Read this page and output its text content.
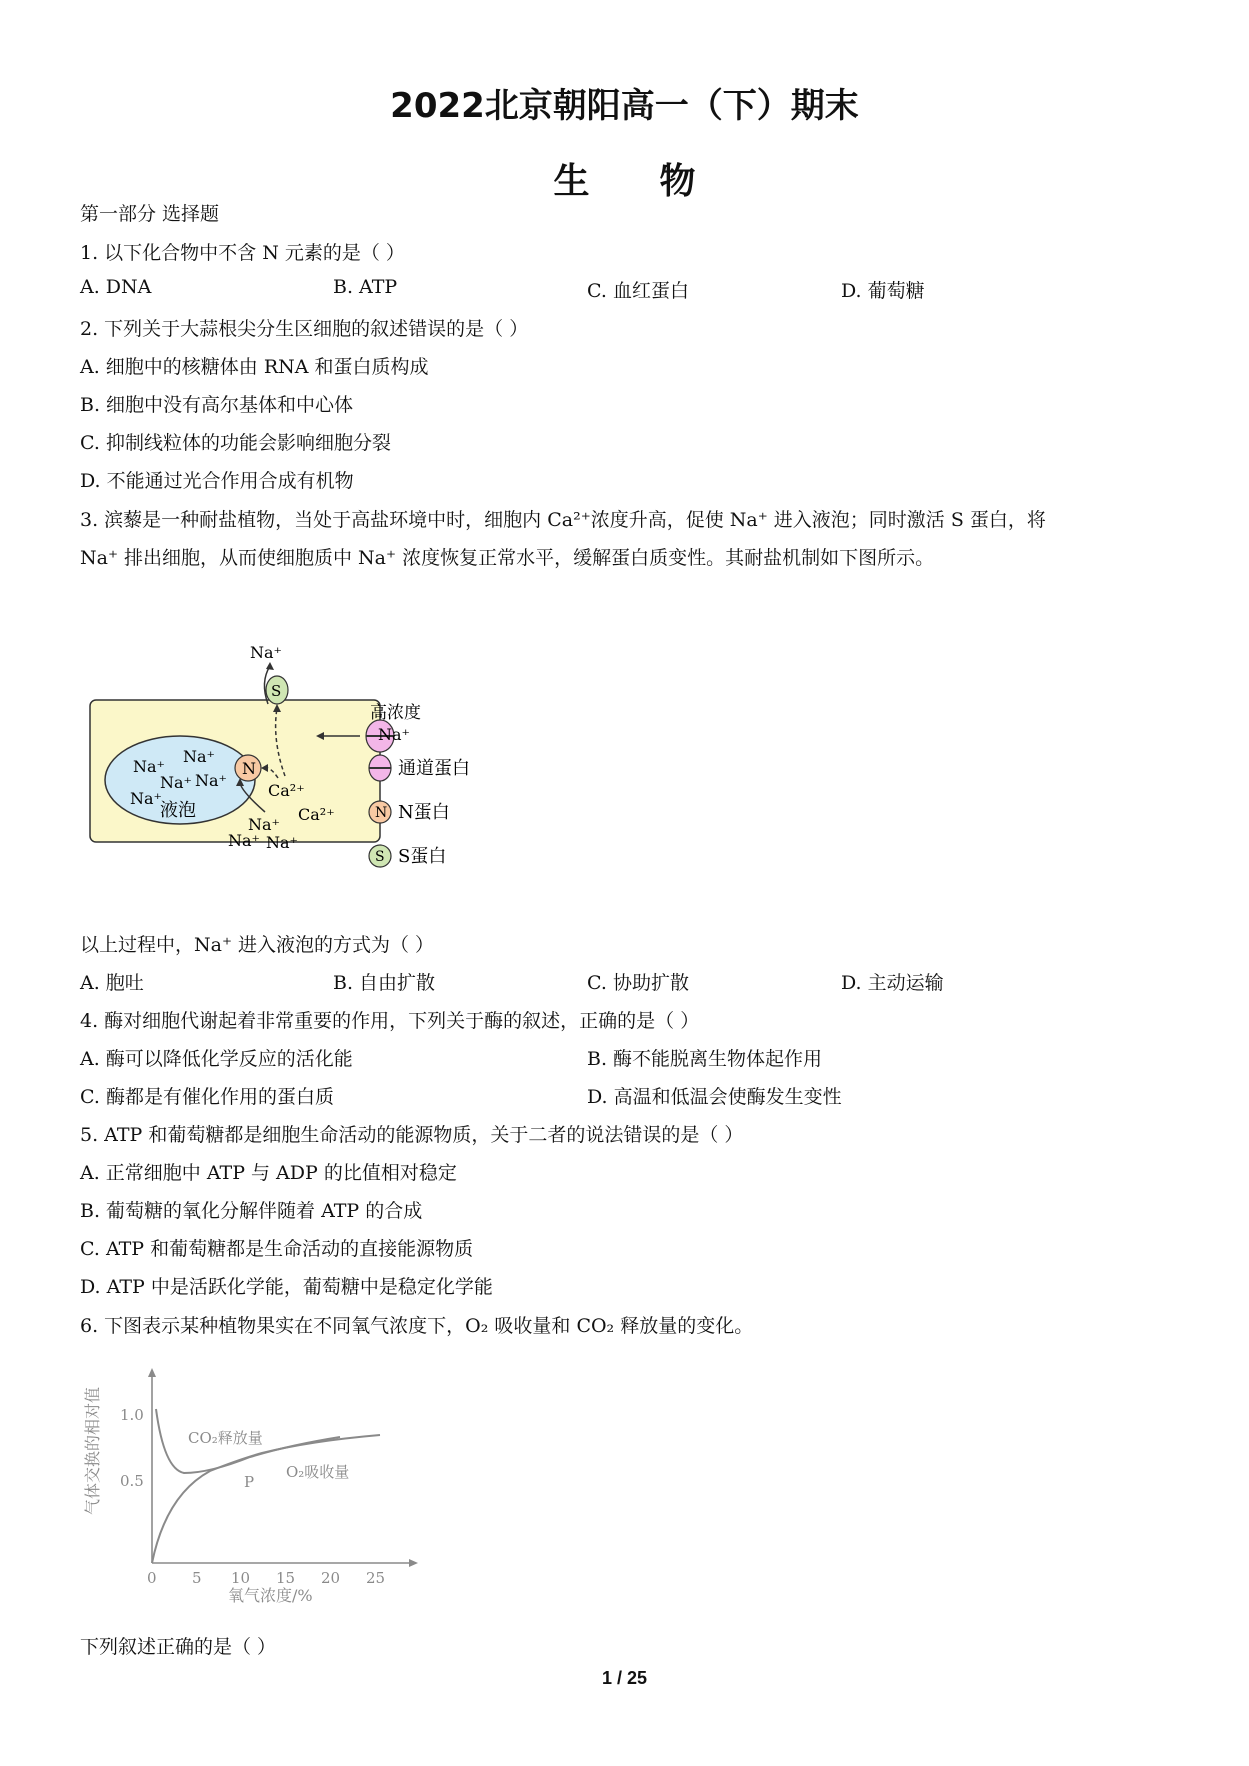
2022北京朝阳高一（下）期末
生物
第一部分 选择题
1. 以下化合物中不含 N 元素的是（ ）
A. DNA	B. ATP	C. 血红蛋白	D. 葡萄糖
2. 下列关于大蒜根尖分生区细胞的叙述错误的是（ ）
A. 细胞中的核糖体由 RNA 和蛋白质构成
B. 细胞中没有高尔基体和中心体
C. 抑制线粒体的功能会影响细胞分裂
D. 不能通过光合作用合成有机物
3. 滨藜是一种耐盐植物，当处于高盐环境中时，细胞内 Ca²⁺浓度升高，促使 Na⁺ 进入液泡；同时激活 S 蛋白，将
Na⁺ 排出细胞，从而使细胞质中 Na⁺ 浓度恢复正常水平，缓解蛋白质变性。其耐盐机制如下图所示。
Na⁺
Na⁺
Na⁺ Na⁺
Na⁺
液泡
N
S
Na⁺
高浓度
Na⁺
Ca²⁺
Ca²⁺
Na⁺
Na⁺ Na⁺
通道蛋白
N N蛋白
S S蛋白
以上过程中，Na⁺ 进入液泡的方式为（ ）
A. 胞吐	B. 自由扩散	C. 协助扩散	D. 主动运输
4. 酶对细胞代谢起着非常重要的作用，下列关于酶的叙述，正确的是（ ）
A. 酶可以降低化学反应的活化能	B. 酶不能脱离生物体起作用
C. 酶都是有催化作用的蛋白质	D. 高温和低温会使酶发生变性
5. ATP 和葡萄糖都是细胞生命活动的能源物质，关于二者的说法错误的是（ ）
A. 正常细胞中 ATP 与 ADP 的比值相对稳定
B. 葡萄糖的氧化分解伴随着 ATP 的合成
C. ATP 和葡萄糖都是生命活动的直接能源物质
D. ATP 中是活跃化学能，葡萄糖中是稳定化学能
6. 下图表示某种植物果实在不同氧气浓度下，O₂ 吸收量和 CO₂ 释放量的变化。
气体交换的相对值 1.0
0.5
0 5 10 15 20 25
氧气浓度/%
CO₂释放量
O₂吸收量
P
下列叙述正确的是（ ）
1 / 25
